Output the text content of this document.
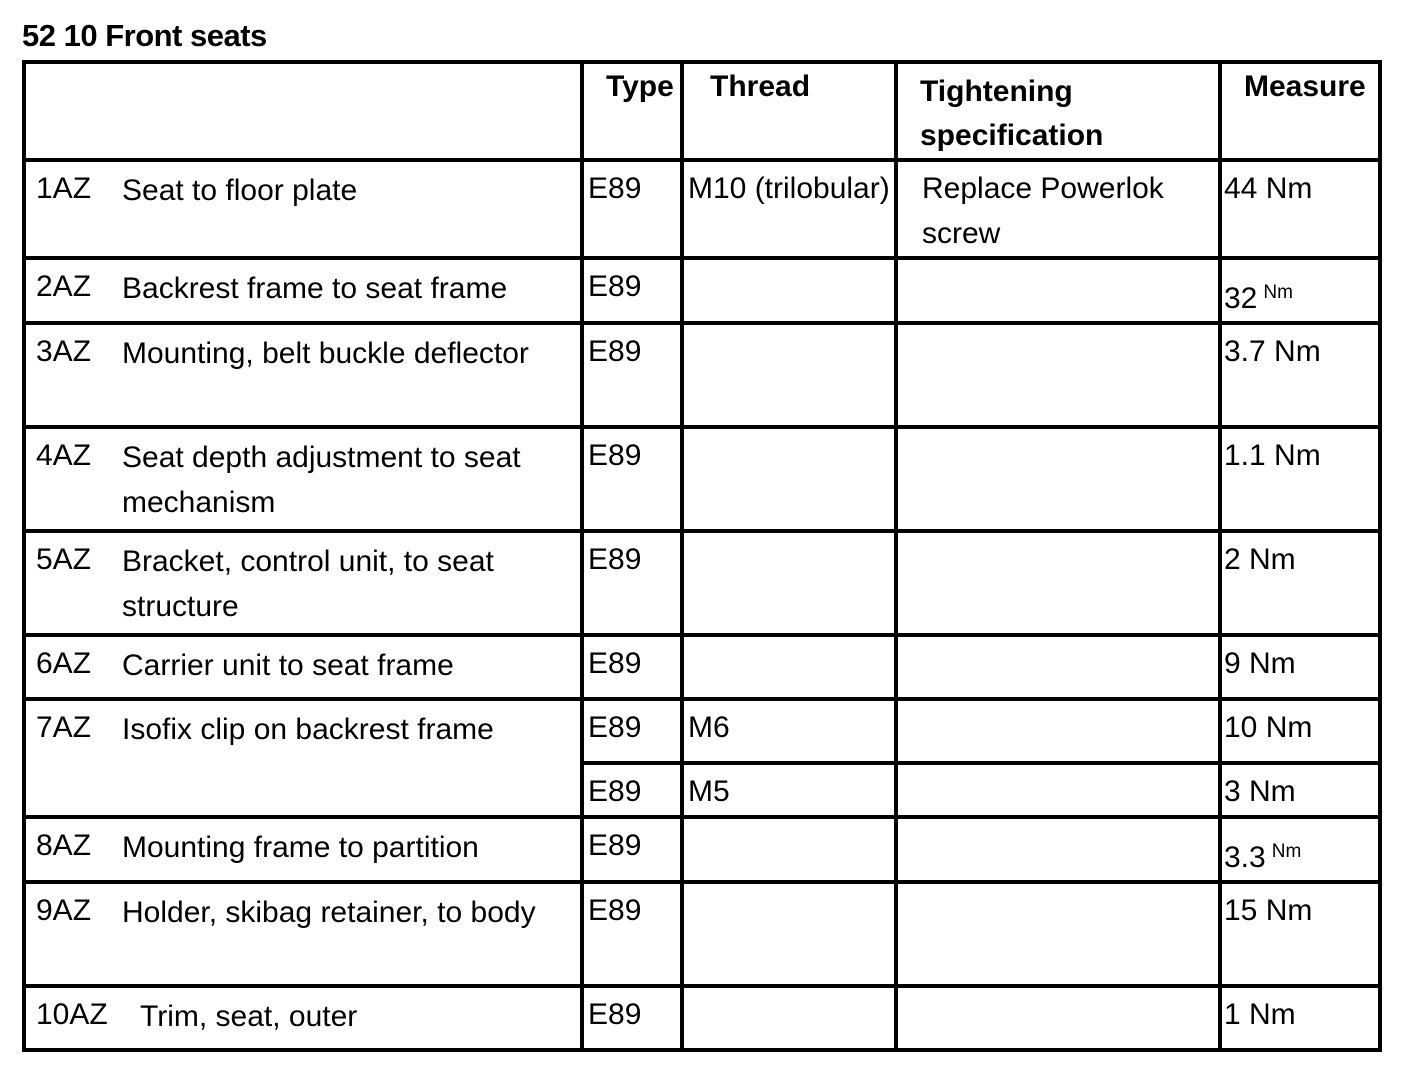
52 10 Front seats
	Type	Thread	Tightening specification	Measure

1AZ Seat to floor plate	E89	M10 (trilobular)	Replace Powerlok screw	44 Nm

2AZ Backrest frame to seat frame	E89			32 $^{Nm}$

3AZ Mounting, belt buckle deflector	E89			3.7 Nm

4AZ Seat depth adjustment to seat mechanism	E89			1.1 Nm

5AZ Bracket, control unit, to seat structure	E89			2 Nm

6AZ Carrier unit to seat frame	E89			9 Nm

7AZ Isofix clip on backrest frame	E89	M6		10 Nm
	E89	M5		3 Nm

8AZ Mounting frame to partition	E89			3.3 $^{Nm}$

9AZ Holder, skibag retainer, to body	E89			15 Nm

10AZ Trim, seat, outer	E89			1 Nm
